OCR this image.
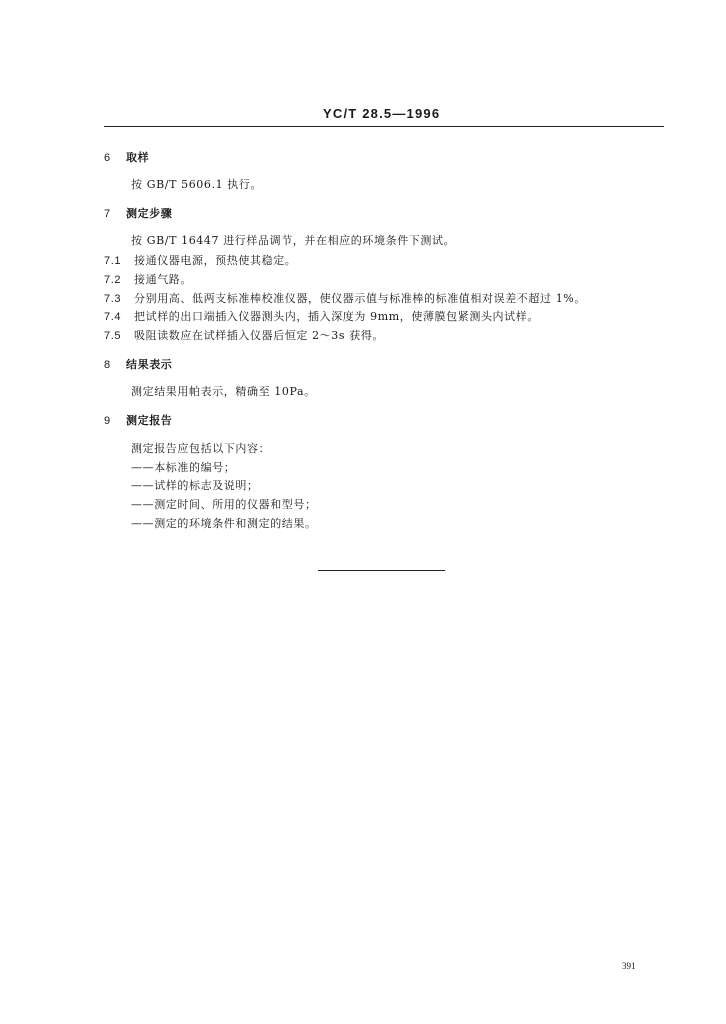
YC/T 28.5—1996
6 取样
按 GB/T 5606.1 执行。
7 测定步骤
按 GB/T 16447 进行样品调节，并在相应的环境条件下测试。
7.1 接通仪器电源，预热使其稳定。
7.2 接通气路。
7.3 分别用高、低两支标准棒校准仪器，使仪器示值与标准棒的标准值相对误差不超过 1%。
7.4 把试样的出口端插入仪器测头内，插入深度为 9mm，使薄膜包紧测头内试样。
7.5 吸阻读数应在试样插入仪器后恒定 2～3s 获得。
8 结果表示
测定结果用帕表示，精确至 10Pa。
9 测定报告
测定报告应包括以下内容：
——本标准的编号；
——试样的标志及说明；
——测定时间、所用的仪器和型号；
——测定的环境条件和测定的结果。
391
